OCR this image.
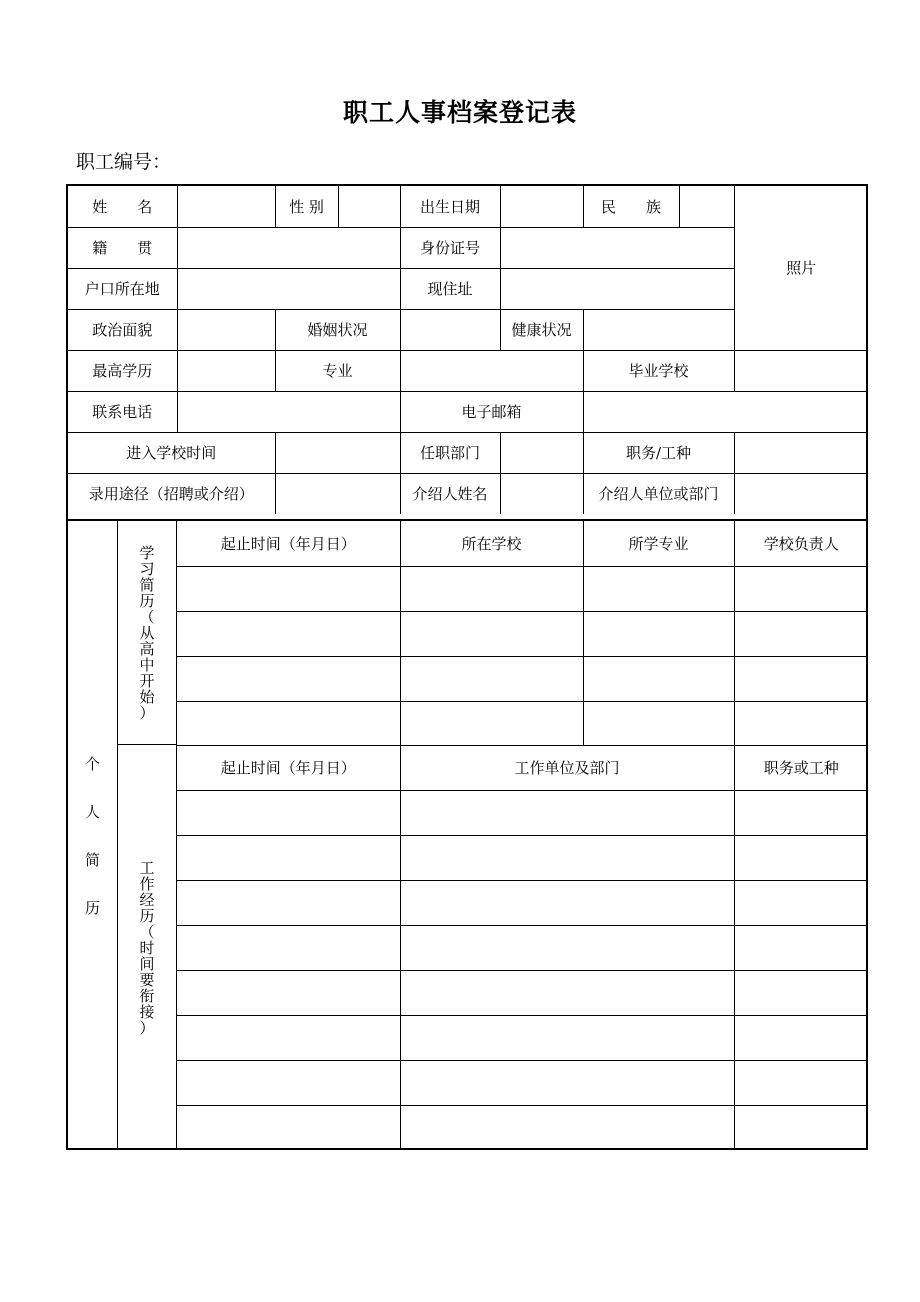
职工人事档案登记表
职工编号：
姓　　名		性 别		出生日期		民　　族		照片
籍　　贯				身份证号				
户口所在地				现住址				
政治面貌		婚姻状况			健康状况			
最高学历		专业				毕业学校		
联系电话				电子邮箱				
进入学校时间				任职部门		职务/工种		
录用途径（招聘或介绍）				介绍人姓名		介绍人单位或部门		
个
人
简
历
学
习
简
历
（
从
高
中
开
始
）
起止时间（年月日）	所在学校	所学专业	学校负责人

工
作
经
历
（
时
间
要
衔
接
）
起止时间（年月日）	工作单位及部门	职务或工种
